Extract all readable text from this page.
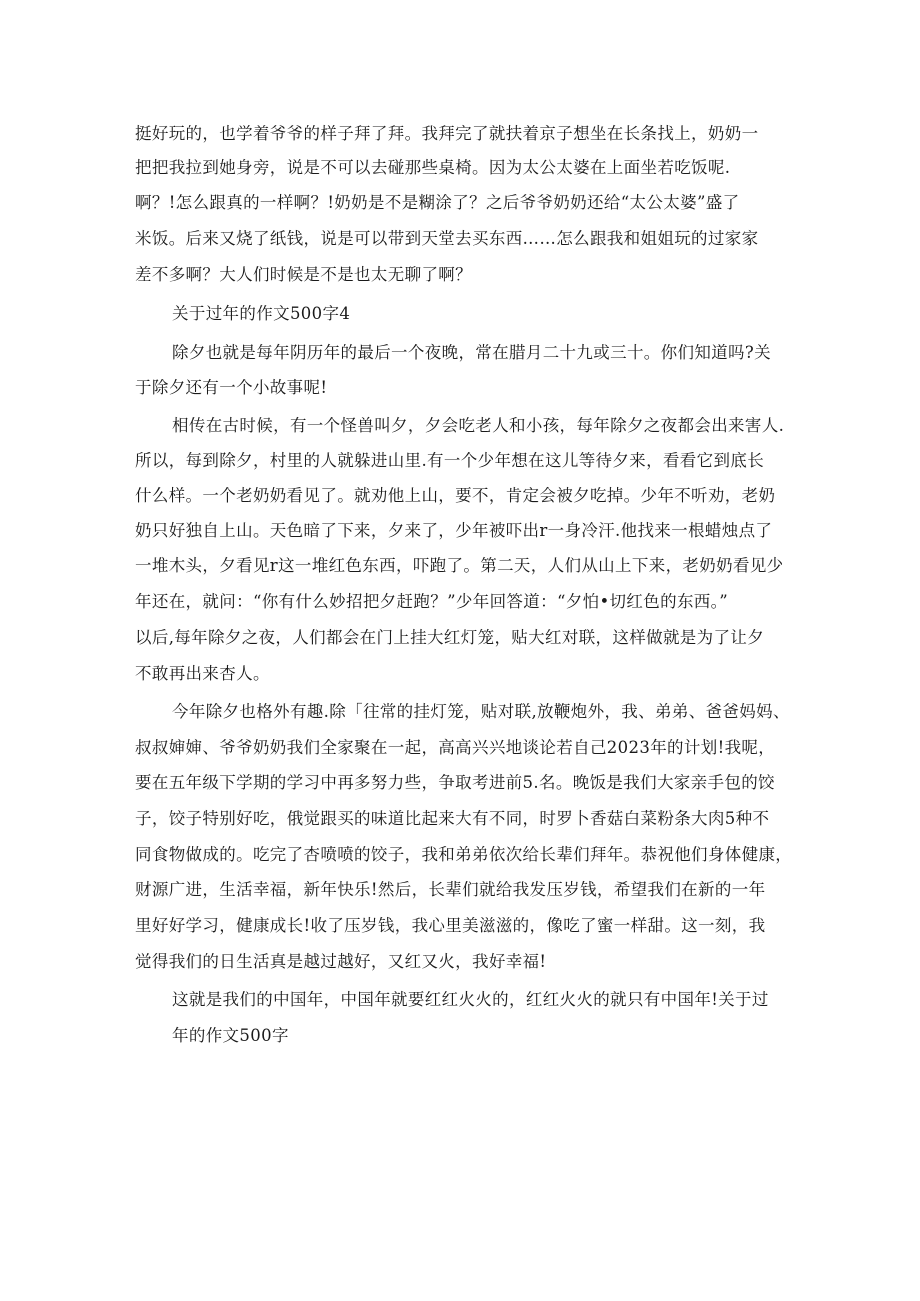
挺好玩的，也学着爷爷的样子拜了拜。我拜完了就扶着京子想坐在长条找上，奶奶一
把把我拉到她身旁，说是不可以去碰那些桌椅。因为太公太婆在上面坐若吃饭呢.
啊？!怎么跟真的一样啊？!奶奶是不是糊涂了？之后爷爷奶奶还给“太公太婆”盛了
米饭。后来又烧了纸钱，说是可以带到天堂去买东西……怎么跟我和姐姐玩的过家家
差不多啊？大人们时候是不是也太无聊了啊？
关于过年的作文500字4
除夕也就是每年阴历年的最后一个夜晚，常在腊月二十九或三十。你们知道吗?关
于除夕还有一个小故事呢!
相传在古时候，有一个怪兽叫夕，夕会吃老人和小孩，每年除夕之夜都会出来害人.
所以，每到除夕，村里的人就躲进山里.有一个少年想在这儿等待夕来，看看它到底长
什么样。一个老奶奶看见了。就劝他上山，要不，肯定会被夕吃掉。少年不听劝，老奶
奶只好独自上山。天色暗了下来，夕来了，少年被吓出r一身冷汗.他找来一根蜡烛点了
一堆木头，夕看见r这一堆红色东西，吓跑了。第二天，人们从山上下来，老奶奶看见少
年还在，就问：“你有什么妙招把夕赶跑？”少年回答道：“夕怕•切红色的东西。”
以后,每年除夕之夜，人们都会在门上挂大红灯笼，贴大红对联，这样做就是为了让夕
不敢再出来杏人。
今年除夕也格外有趣.除「往常的挂灯笼，贴对联,放鞭炮外，我、弟弟、爸爸妈妈、
叔叔婶婶、爷爷奶奶我们全家聚在一起，高高兴兴地谈论若自己2023年的计划!我呢，
要在五年级下学期的学习中再多努力些，争取考进前5.名。晚饭是我们大家亲手包的饺
子，饺子特别好吃，俄觉跟买的味道比起来大有不同，时罗卜香菇白菜粉条大肉5种不
同食物做成的。吃完了杏喷喷的饺子，我和弟弟依次给长辈们拜年。恭祝他们身体健康，
财源广进，生活幸福，新年快乐!然后，长辈们就给我发压岁钱，希望我们在新的一年
里好好学习，健康成长!收了压岁钱，我心里美滋滋的，像吃了蜜一样甜。这一刻，我
觉得我们的日生活真是越过越好，又红又火，我好幸福!
这就是我们的中国年，中国年就要红红火火的，红红火火的就只有中国年!关于过
年的作文500字
